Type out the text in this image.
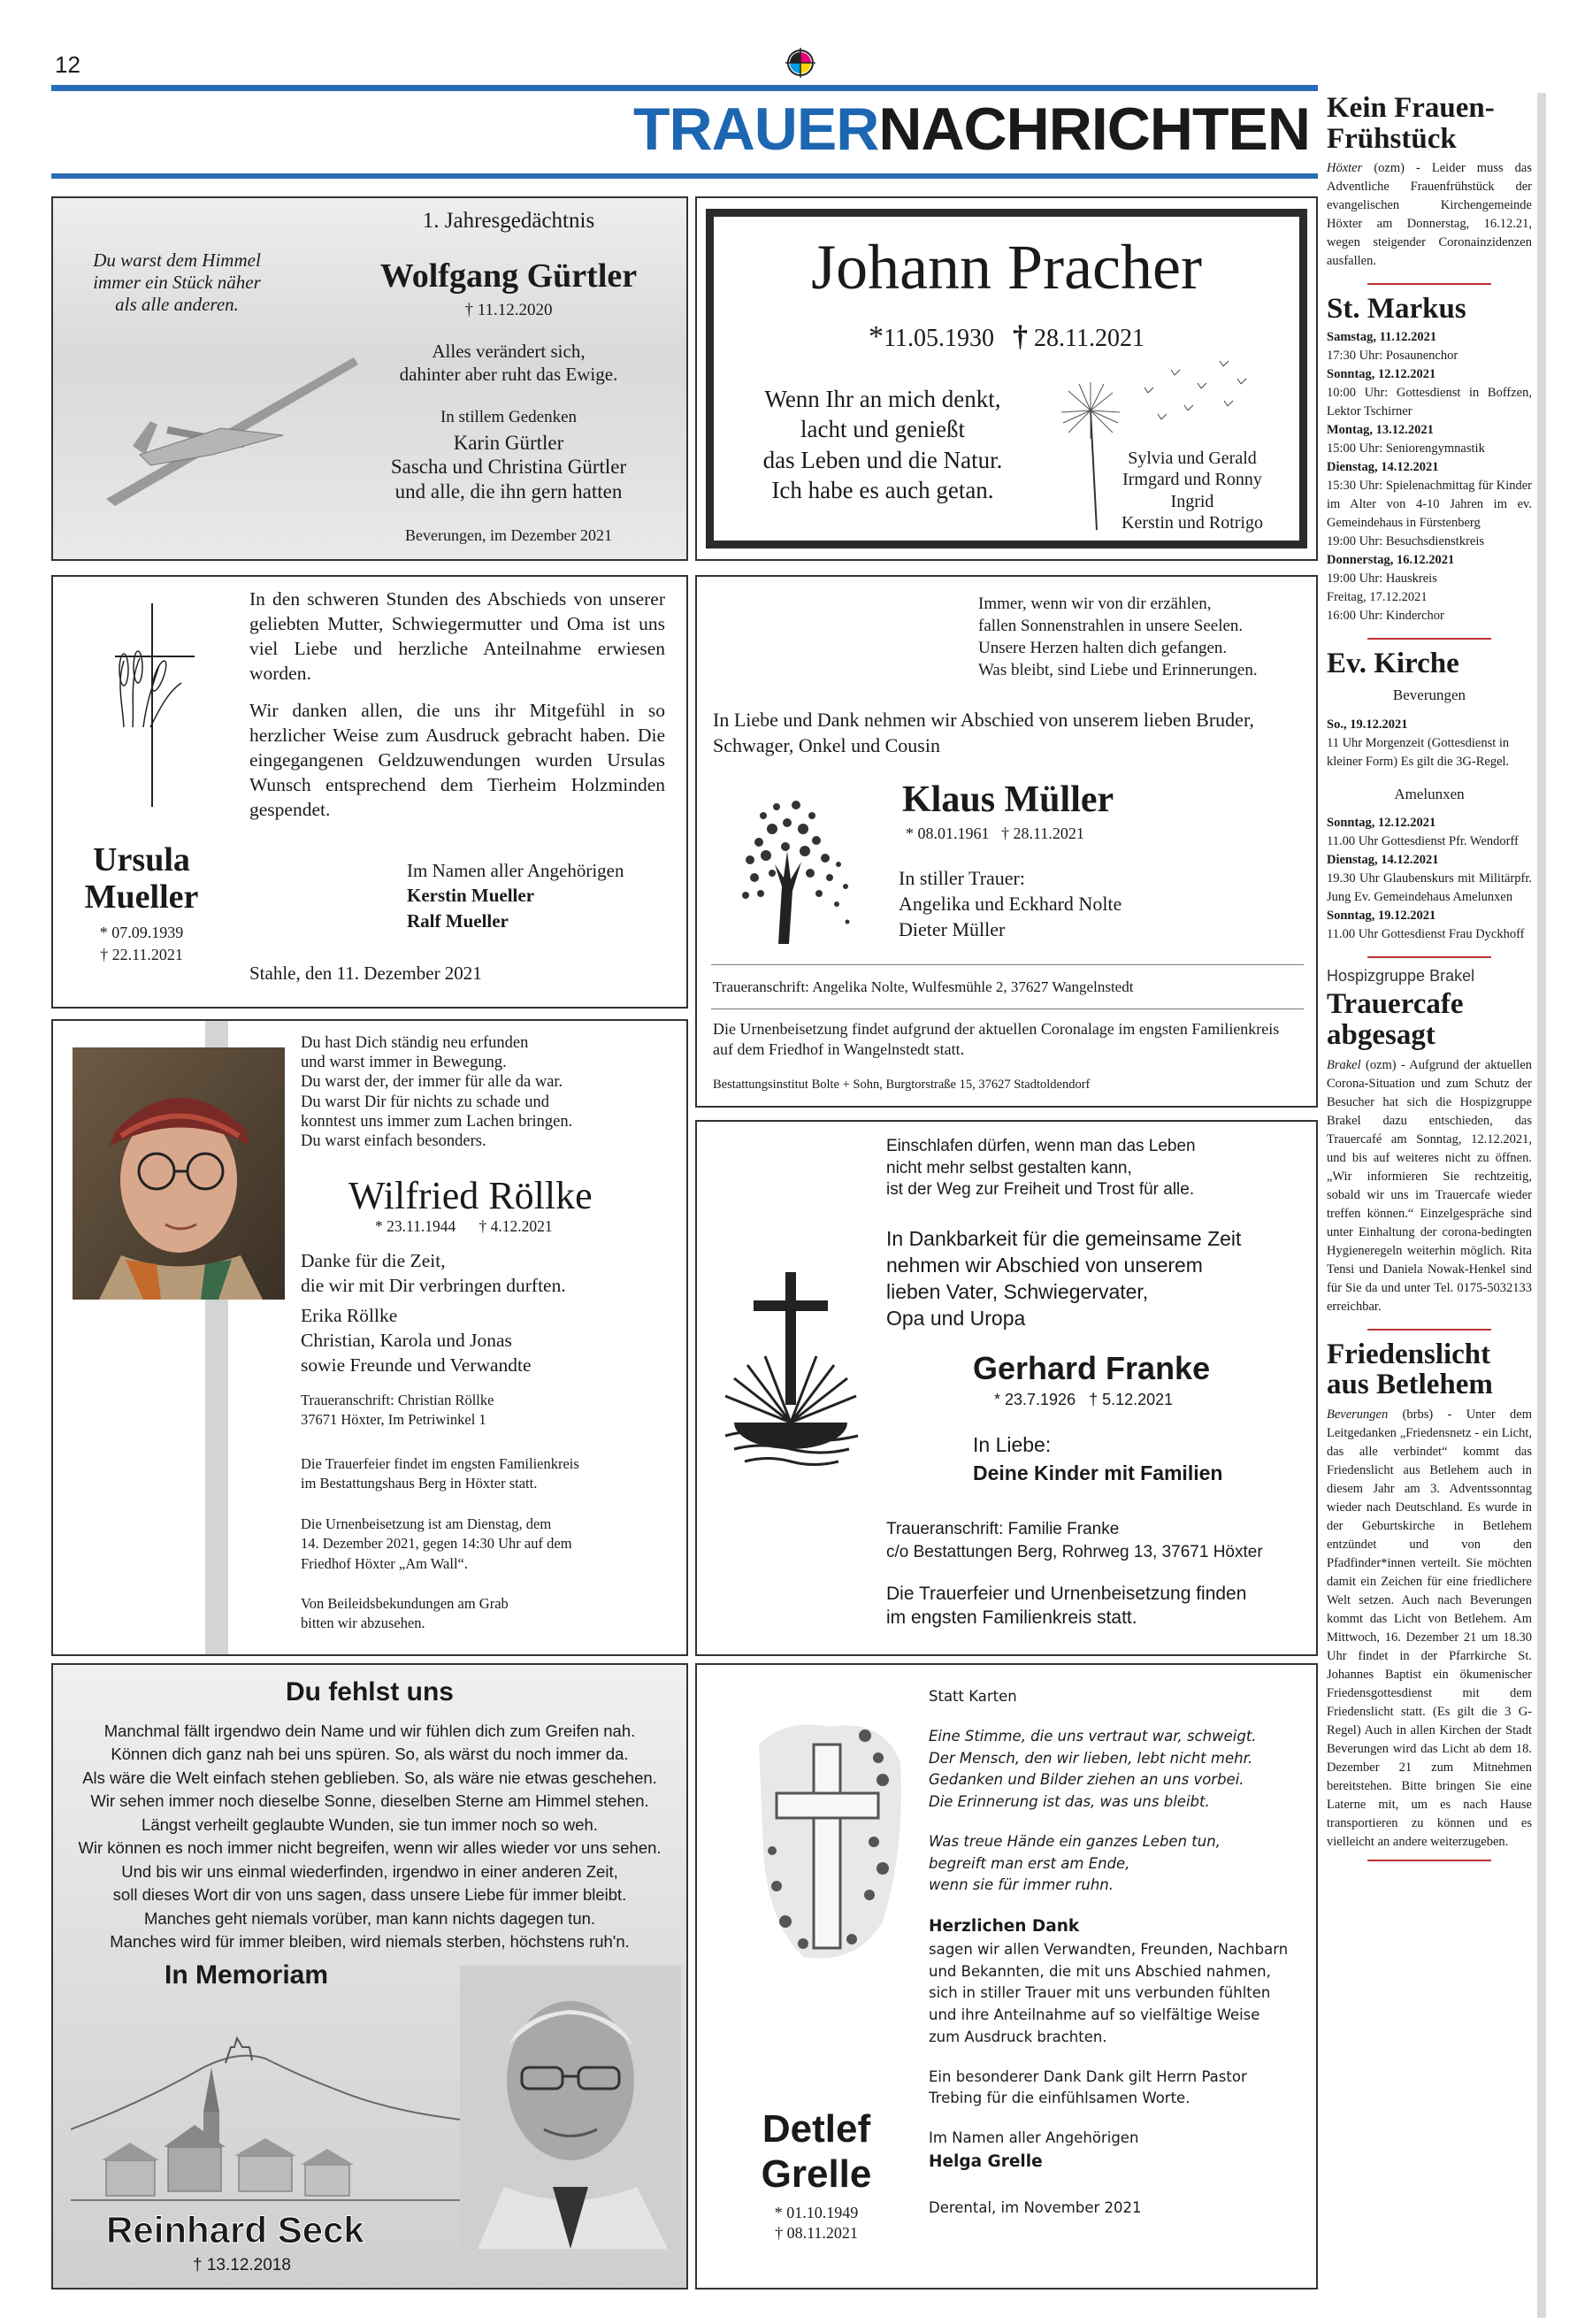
12
TRAUERNACHRICHTEN
Du warst dem Himmel
immer ein Stück näher
als alle anderen.
1. Jahresgedächtnis
Wolfgang Gürtler
† 11.12.2020
Alles verändert sich,
dahinter aber ruht das Ewige.
In stillem Gedenken
Karin Gürtler
Sascha und Christina Gürtler
und alle, die ihn gern hatten
Beverungen, im Dezember 2021
Johann Pracher
*11.05.1930 † 28.11.2021
Wenn Ihr an mich denkt,
lacht und genießt
das Leben und die Natur.
Ich habe es auch getan.
Sylvia und Gerald
Irmgard und Ronny
Ingrid
Kerstin und Rotrigo
Ursula
Mueller
* 07.09.1939
† 22.11.2021

In den schweren Stunden des Abschieds von unserer geliebten Mutter, Schwiegermutter und Oma ist uns viel Liebe und herzliche Anteilnahme erwiesen worden.

Wir danken allen, die uns ihr Mitgefühl in so herzlicher Weise zum Ausdruck gebracht haben. Die eingegangenen Geldzuwendungen wurden Ursulas Wunsch entsprechend dem Tierheim Holzminden gespendet.

Im Namen aller Angehörigen
Kerstin Mueller
Ralf Mueller
Stahle, den 11. Dezember 2021
Immer, wenn wir von dir erzählen,
fallen Sonnenstrahlen in unsere Seelen.
Unsere Herzen halten dich gefangen.
Was bleibt, sind Liebe und Erinnerungen.
In Liebe und Dank nehmen wir Abschied von unserem lieben Bruder, Schwager, Onkel und Cousin
Klaus Müller
* 08.01.1961   † 28.11.2021
In stiller Trauer:
Angelika und Eckhard Nolte
Dieter Müller
Traueranschrift: Angelika Nolte, Wulfesmühle 2, 37627 Wangelnstedt
Die Urnenbeisetzung findet aufgrund der aktuellen Coronalage im engsten Familienkreis auf dem Friedhof in Wangelnstedt statt.
Bestattungsinstitut Bolte + Sohn, Burgtorstraße 15, 37627 Stadtoldendorf
Du hast Dich ständig neu erfunden
und warst immer in Bewegung.
Du warst der, der immer für alle da war.
Du warst Dir für nichts zu schade und
konntest uns immer zum Lachen bringen.
Du warst einfach besonders.
Wilfried Röllke
* 23.11.1944 † 4.12.2021
Danke für die Zeit,
die wir mit Dir verbringen durften.
Erika Röllke
Christian, Karola und Jonas
sowie Freunde und Verwandte
Traueranschrift: Christian Röllke
37671 Höxter, Im Petriwinkel 1
Die Trauerfeier findet im engsten Familienkreis
im Bestattungshaus Berg in Höxter statt.
Die Urnenbeisetzung ist am Dienstag, dem
14. Dezember 2021, gegen 14:30 Uhr auf dem
Friedhof Höxter „Am Wall“.
Von Beileidsbekundungen am Grab
bitten wir abzusehen.
Einschlafen dürfen, wenn man das Leben
nicht mehr selbst gestalten kann,
ist der Weg zur Freiheit und Trost für alle.
In Dankbarkeit für die gemeinsame Zeit
nehmen wir Abschied von unserem
lieben Vater, Schwiegervater,
Opa und Uropa
Gerhard Franke
* 23.7.1926   † 5.12.2021
In Liebe:
Deine Kinder mit Familien
Traueranschrift: Familie Franke
c/o Bestattungen Berg, Rohrweg 13, 37671 Höxter
Die Trauerfeier und Urnenbeisetzung finden
im engsten Familienkreis statt.
Du fehlst uns
Manchmal fällt irgendwo dein Name und wir fühlen dich zum Greifen nah.
Können dich ganz nah bei uns spüren. So, als wärst du noch immer da.
Als wäre die Welt einfach stehen geblieben. So, als wäre nie etwas geschehen.
Wir sehen immer noch dieselbe Sonne, dieselben Sterne am Himmel stehen.
Längst verheilt geglaubte Wunden, sie tun immer noch so weh.
Wir können es noch immer nicht begreifen, wenn wir alles wieder vor uns sehen.
Und bis wir uns einmal wiederfinden, irgendwo in einer anderen Zeit,
soll dieses Wort dir von uns sagen, dass unsere Liebe für immer bleibt.
Manches geht niemals vorüber, man kann nichts dagegen tun.
Manches wird für immer bleiben, wird niemals sterben, höchstens ruh'n.
In Memoriam
Reinhard Seck
† 13.12.2018
Detlef
Grelle
* 01.10.1949
† 08.11.2021
Statt Karten
Eine Stimme, die uns vertraut war, schweigt.
Der Mensch, den wir lieben, lebt nicht mehr.
Gedanken und Bilder ziehen an uns vorbei.
Die Erinnerung ist das, was uns bleibt.
Was treue Hände ein ganzes Leben tun,
begreift man erst am Ende,
wenn sie für immer ruhn.
Herzlichen Dank
sagen wir allen Verwandten, Freunden, Nachbarn
und Bekannten, die mit uns Abschied nahmen,
sich in stiller Trauer mit uns verbunden fühlten
und ihre Anteilnahme auf so vielfältige Weise
zum Ausdruck brachten.
Ein besonderer Dank Dank gilt Herrn Pastor
Trebing für die einfühlsamen Worte.
Im Namen aller Angehörigen
Helga Grelle
Derental, im November 2021
Kein Frauen-
Frühstück

Höxter (ozm) - Leider muss das Adventliche Frauenfrühstück der evangelischen Kirchengemeinde Höxter am Donnerstag, 16.12.21, wegen steigender Coronainzidenzen ausfallen.

St. Markus
Samstag, 11.12.2021
17:30 Uhr: Posaunenchor
Sonntag, 12.12.2021
10:00 Uhr: Gottesdienst in Boffzen, Lektor Tschirner
Montag, 13.12.2021
15:00 Uhr: Seniorengymnastik
Dienstag, 14.12.2021
15:30 Uhr: Spielenachmittag für Kinder im Alter von 4-10 Jahren im ev. Gemeindehaus in Fürstenberg
19:00 Uhr: Besuchsdienstkreis
Donnerstag, 16.12.2021
19:00 Uhr: Hauskreis
Freitag, 17.12.2021
16:00 Uhr: Kinderchor
Ev. Kirche
Beverungen
So., 19.12.2021
11 Uhr Morgenzeit (Gottesdienst in kleiner Form) Es gilt die 3G-Regel.
Amelunxen
Sonntag, 12.12.2021
11.00 Uhr Gottesdienst Pfr. Wendorff
Dienstag, 14.12.2021
19.30 Uhr Glaubenskurs mit Militärpfr. Jung Ev. Gemeindehaus Amelunxen
Sonntag, 19.12.2021
11.00 Uhr Gottesdienst Frau Dyckhoff
Hospizgruppe Brakel
Trauercafe
abgesagt

Brakel (ozm) - Aufgrund der aktuellen Corona-Situation und zum Schutz der Besucher hat sich die Hospizgruppe Brakel dazu entschieden, das Trauercafé am Sonntag, 12.12.2021, und bis auf weiteres nicht zu öffnen. „Wir informieren Sie rechtzeitig, sobald wir uns im Trauercafe wieder treffen können.“ Einzelgespräche sind unter Einhaltung der corona-bedingten Hygieneregeln weiterhin möglich. Rita Tensi und Daniela Nowak-Henkel sind für Sie da und unter Tel. 0175-5032133 erreichbar.

Friedenslicht
aus Betlehem

Beverungen (brbs) - Unter dem Leitgedanken „Friedensnetz - ein Licht, das alle verbindet“ kommt das Friedenslicht aus Betlehem auch in diesem Jahr am 3. Adventssonntag wieder nach Deutschland. Es wurde in der Geburtskirche in Betlehem entzündet und von den Pfadfinder*innen verteilt. Sie möchten damit ein Zeichen für eine friedlichere Welt setzen. Auch nach Beverungen kommt das Licht von Betlehem. Am Mittwoch, 16. Dezember 21 um 18.30 Uhr findet in der Pfarrkirche St. Johannes Baptist ein ökumenischer Friedensgottesdienst mit dem Friedenslicht statt. (Es gilt die 3 G-Regel) Auch in allen Kirchen der Stadt Beverungen wird das Licht ab dem 18. Dezember 21 zum Mitnehmen bereitstehen. Bitte bringen Sie eine Laterne mit, um es nach Hause transportieren zu können und es vielleicht an andere weiterzugeben.
